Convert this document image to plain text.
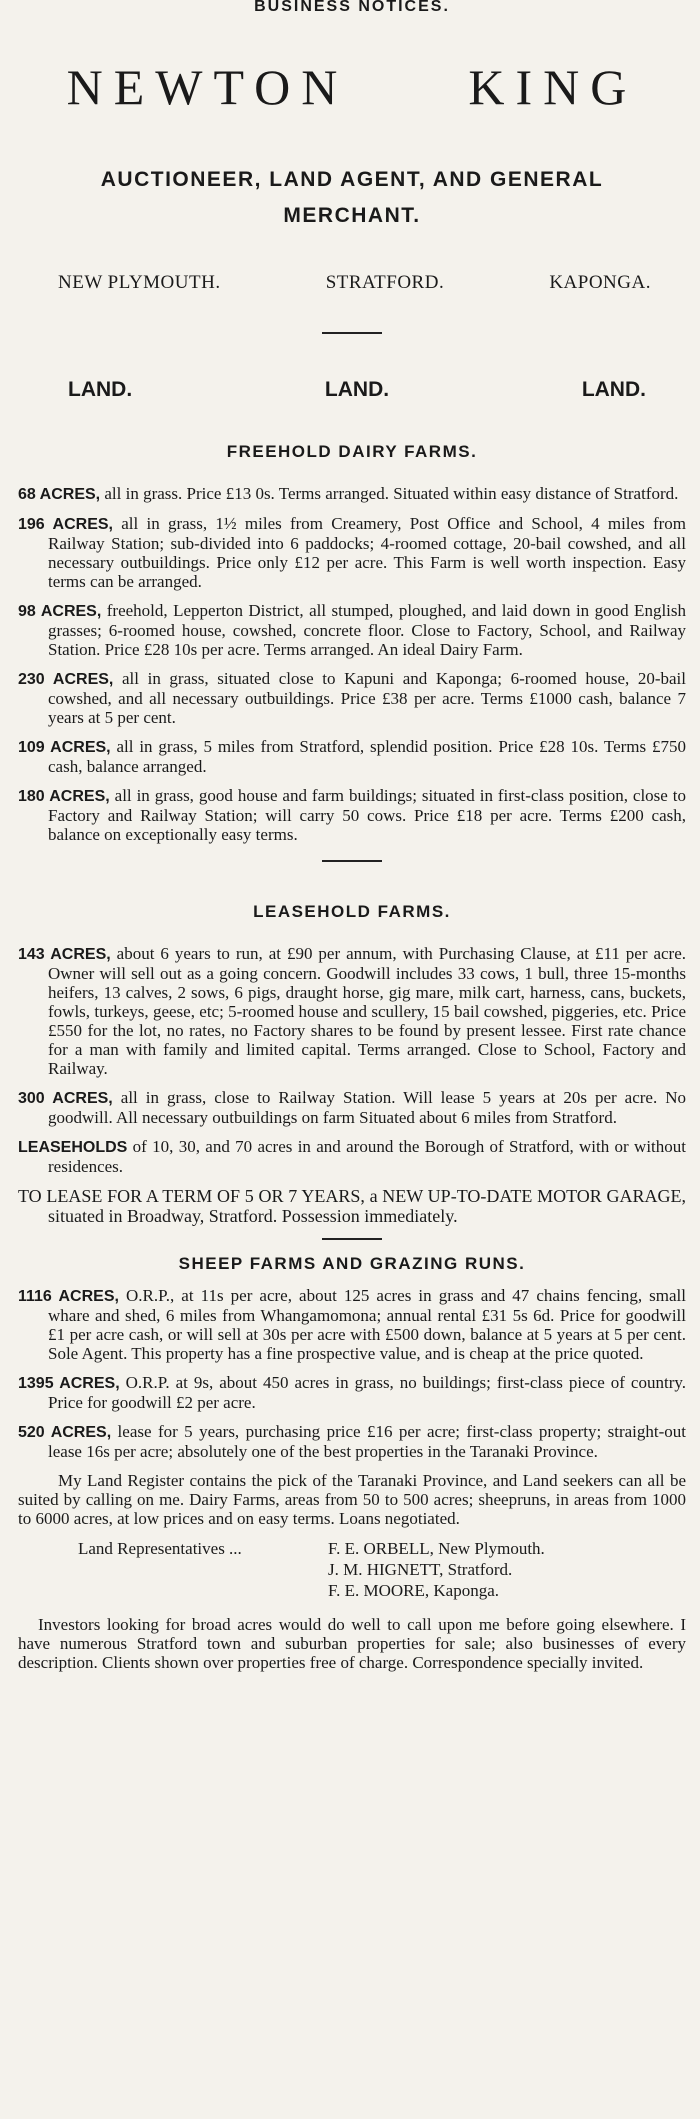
BUSINESS NOTICES.
NEWTON KING
AUCTIONEER, LAND AGENT, AND GENERAL MERCHANT.
NEW PLYMOUTH.	STRATFORD.	KAPONGA.
LAND.	LAND.	LAND.
FREEHOLD DAIRY FARMS.
68 ACRES, all in grass. Price £13 0s. Terms arranged. Situated within easy distance of Stratford.
196 ACRES, all in grass, 1½ miles from Creamery, Post Office and School, 4 miles from Railway Station; sub-divided into 6 paddocks; 4-roomed cottage, 20-bail cowshed, and all necessary outbuildings. Price only £12 per acre. This Farm is well worth inspection. Easy terms can be arranged.
98 ACRES, freehold, Lepperton District, all stumped, ploughed, and laid down in good English grasses; 6-roomed house, cowshed, concrete floor. Close to Factory, School, and Railway Station. Price £28 10s per acre. Terms arranged. An ideal Dairy Farm.
230 ACRES, all in grass, situated close to Kapuni and Kaponga; 6-roomed house, 20-bail cowshed, and all necessary outbuildings. Price £38 per acre. Terms £1000 cash, balance 7 years at 5 per cent.
109 ACRES, all in grass, 5 miles from Stratford, splendid position. Price £28 10s. Terms £750 cash, balance arranged.
180 ACRES, all in grass, good house and farm buildings; situated in first-class position, close to Factory and Railway Station; will carry 50 cows. Price £18 per acre. Terms £200 cash, balance on exceptionally easy terms.
LEASEHOLD FARMS.
143 ACRES, about 6 years to run, at £90 per annum, with Purchasing Clause, at £11 per acre. Owner will sell out as a going concern. Goodwill includes 33 cows, 1 bull, three 15-months heifers, 13 calves, 2 sows, 6 pigs, draught horse, gig mare, milk cart, harness, cans, buckets, fowls, turkeys, geese, etc; 5-roomed house and scullery, 15 bail cowshed, piggeries, etc. Price £550 for the lot, no rates, no Factory shares to be found by present lessee. First rate chance for a man with family and limited capital. Terms arranged. Close to School, Factory and Railway.
300 ACRES, all in grass, close to Railway Station. Will lease 5 years at 20s per acre. No goodwill. All necessary outbuildings on farm Situated about 6 miles from Stratford.
LEASEHOLDS of 10, 30, and 70 acres in and around the Borough of Stratford, with or without residences.
TO LEASE FOR A TERM OF 5 OR 7 YEARS, a NEW UP-TO-DATE MOTOR GARAGE, situated in Broadway, Stratford. Possession immediately.
SHEEP FARMS AND GRAZING RUNS.
1116 ACRES, O.R.P., at 11s per acre, about 125 acres in grass and 47 chains fencing, small whare and shed, 6 miles from Whangamomona; annual rental £31 5s 6d. Price for goodwill £1 per acre cash, or will sell at 30s per acre with £500 down, balance at 5 years at 5 per cent. Sole Agent. This property has a fine prospective value, and is cheap at the price quoted.
1395 ACRES, O.R.P. at 9s, about 450 acres in grass, no buildings; first-class piece of country. Price for goodwill £2 per acre.
520 ACRES, lease for 5 years, purchasing price £16 per acre; first-class property; straight-out lease 16s per acre; absolutely one of the best properties in the Taranaki Province.
My Land Register contains the pick of the Taranaki Province, and Land seekers can all be suited by calling on me. Dairy Farms, areas from 50 to 500 acres; sheepruns, in areas from 1000 to 6000 acres, at low prices and on easy terms. Loans negotiated.
Land Representatives ...	F. E. ORBELL, New Plymouth.
J. M. HIGNETT, Stratford.
F. E. MOORE, Kaponga.
Investors looking for broad acres would do well to call upon me before going elsewhere. I have numerous Stratford town and suburban properties for sale; also businesses of every description. Clients shown over properties free of charge. Correspondence specially invited.
